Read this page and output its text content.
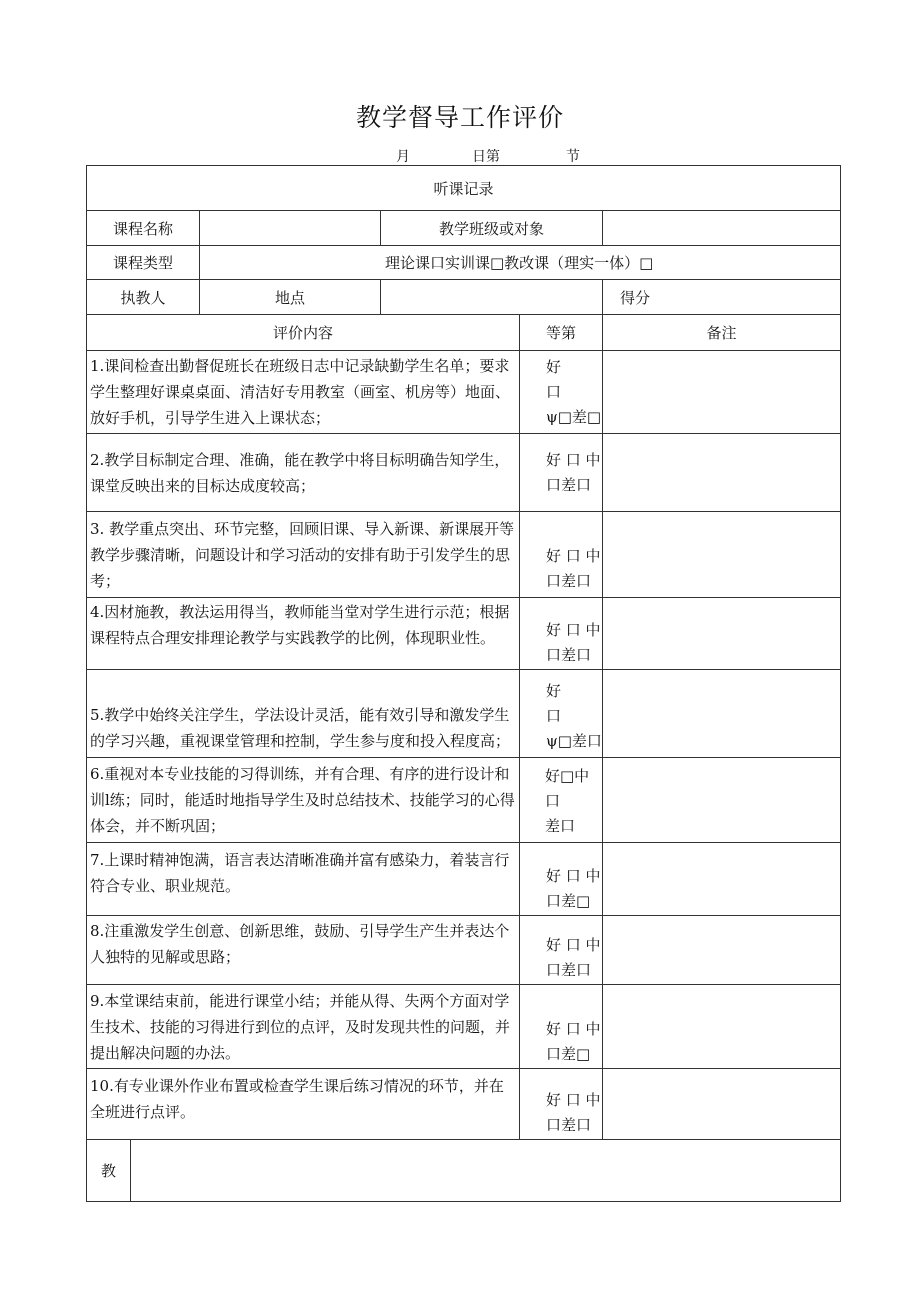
教学督导工作评价
月	日第	节
听课记录					
课程名称			教学班级或对象		
课程类型		理论课口实训课□教改课（理实一体）□			
执教人		地点			得分
评价内容				等第	备注
1.课间检查出勤督促班长在班级日志中记录缺勤学生名单；要求学生整理好课桌桌面、清洁好专用教室（画室、机房等）地面、放好手机，引导学生进入上课状态；				好　　口
ψ□差□	

2.教学目标制定合理、准确，能在教学中将目标明确告知学生，课堂反映出来的目标达成度较高；				好 口 中
口差口	

3. 教学重点突出、环节完整，回顾旧课、导入新课、新课展开等教学步骤清晰，问题设计和学习活动的安排有助于引发学生的思考；				好 口 中
口差口	

4.因材施教，教法运用得当，教师能当堂对学生进行示范；根据课程特点合理安排理论教学与实践教学的比例，体现职业性。				好 口 中
口差口	

5.教学中始终关注学生，学法设计灵活，能有效引导和激发学生的学习兴趣，重视课堂管理和控制，学生参与度和投入程度高；				好　　口
ψ□差口	

6.重视对本专业技能的习得训练，并有合理、有序的进行设计和训l练；同时，能适时地指导学生及时总结技术、技能学习的心得体会，并不断巩固；				好□中口
差口	

7.上课时精神饱满，语言表达清晰准确并富有感染力，着装言行符合专业、职业规范。				好 口 中
口差□	

8.注重激发学生创意、创新思维，鼓励、引导学生产生并表达个人独特的见解或思路；				好 口 中
口差口	

9.本堂课结束前，能进行课堂小结；并能从得、失两个方面对学生技术、技能的习得进行到位的点评，及时发现共性的问题，并提出解决问题的办法。				好 口 中
口差□	

10.有专业课外作业布置或检查学生课后练习情况的环节，并在全班进行点评。				好 口 中
口差口	

教					
